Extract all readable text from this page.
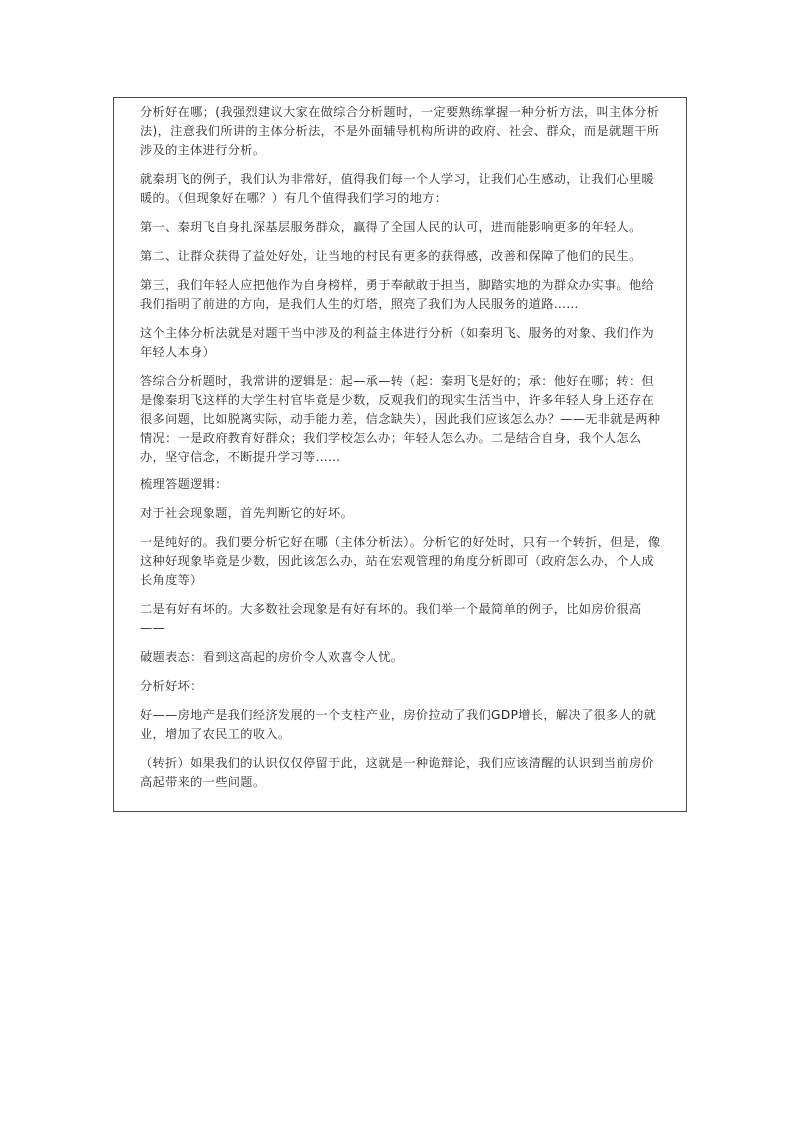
分析好在哪；(我强烈建议大家在做综合分析题时，一定要熟练掌握一种分析方法，叫主体分析法)，注意我们所讲的主体分析法，不是外面辅导机构所讲的政府、社会、群众，而是就题干所涉及的主体进行分析。

就秦玥飞的例子，我们认为非常好，值得我们每一个人学习，让我们心生感动，让我们心里暖暖的。（但现象好在哪？）有几个值得我们学习的地方：

第一、秦玥飞自身扎深基层服务群众，赢得了全国人民的认可，进而能影响更多的年轻人。

第二、让群众获得了益处好处，让当地的村民有更多的获得感，改善和保障了他们的民生。

第三，我们年轻人应把他作为自身榜样，勇于奉献敢于担当，脚踏实地的为群众办实事。他给我们指明了前进的方向，是我们人生的灯塔，照亮了我们为人民服务的道路……

这个主体分析法就是对题干当中涉及的利益主体进行分析（如秦玥飞、服务的对象、我们作为年轻人本身）

答综合分析题时，我常讲的逻辑是：起—承—转（起：秦玥飞是好的；承：他好在哪；转：但是像秦玥飞这样的大学生村官毕竟是少数，反观我们的现实生活当中，许多年轻人身上还存在很多问题，比如脱离实际，动手能力差，信念缺失），因此我们应该怎么办？——无非就是两种情况：一是政府教育好群众；我们学校怎么办；年轻人怎么办。二是结合自身，我个人怎么办，坚守信念，不断提升学习等……

梳理答题逻辑：

对于社会现象题，首先判断它的好坏。

一是纯好的。我们要分析它好在哪（主体分析法）。分析它的好处时，只有一个转折，但是，像这种好现象毕竟是少数，因此该怎么办，站在宏观管理的角度分析即可（政府怎么办，个人成长角度等）

二是有好有坏的。大多数社会现象是有好有坏的。我们举一个最简单的例子，比如房价很高——

破题表态：看到这高起的房价令人欢喜令人忧。

分析好坏：

好——房地产是我们经济发展的一个支柱产业，房价拉动了我们GDP增长，解决了很多人的就业，增加了农民工的收入。

（转折）如果我们的认识仅仅停留于此，这就是一种诡辩论，我们应该清醒的认识到当前房价高起带来的一些问题。
